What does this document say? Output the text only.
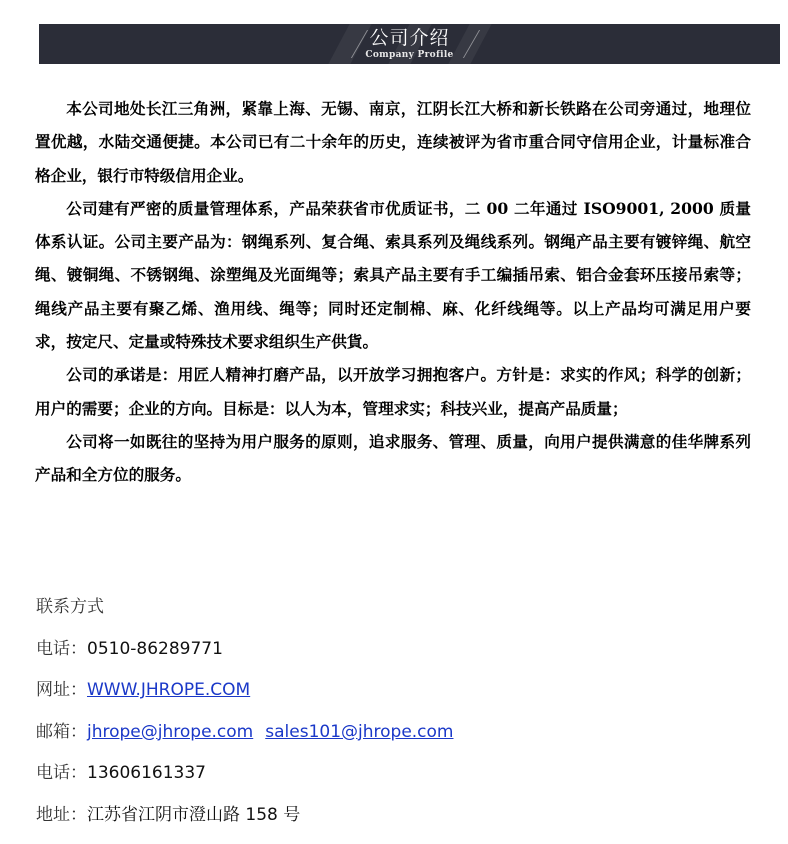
公司介绍
Company Profile

本公司地处长江三角洲，紧靠上海、无锡、南京，江阴长江大桥和新长铁路在公司旁通过，地理位置优越，水陆交通便捷。本公司已有二十余年的历史，连续被评为省市重合同守信用企业，计量标准合格企业，银行市特级信用企业。

公司建有严密的质量管理体系，产品荣获省市优质证书，二 00 二年通过 ISO9001, 2000 质量体系认证。公司主要产品为：钢绳系列、复合绳、索具系列及绳线系列。钢绳产品主要有镀锌绳、航空绳、镀铜绳、不锈钢绳、涂塑绳及光面绳等；索具产品主要有手工编插吊索、铝合金套环压接吊索等；绳线产品主要有聚乙烯、渔用线、绳等；同时还定制棉、麻、化纤线绳等。以上产品均可满足用户要求，按定尺、定量或特殊技术要求组织生产供貨。

公司的承诺是：用匠人精神打磨产品，以开放学习拥抱客户。方针是：求实的作风；科学的创新；用户的需要；企业的方向。目标是：以人为本，管理求实；科技兴业，提高产品质量；

公司将一如既往的坚持为用户服务的原则，追求服务、管理、质量，向用户提供满意的佳华牌系列产品和全方位的服务。

联系方式
电话：0510-86289771
网址：WWW.JHROPE.COM
邮箱：jhrope@jhrope.com sales101@jhrope.com
电话：13606161337
地址：江苏省江阴市澄山路 158 号
